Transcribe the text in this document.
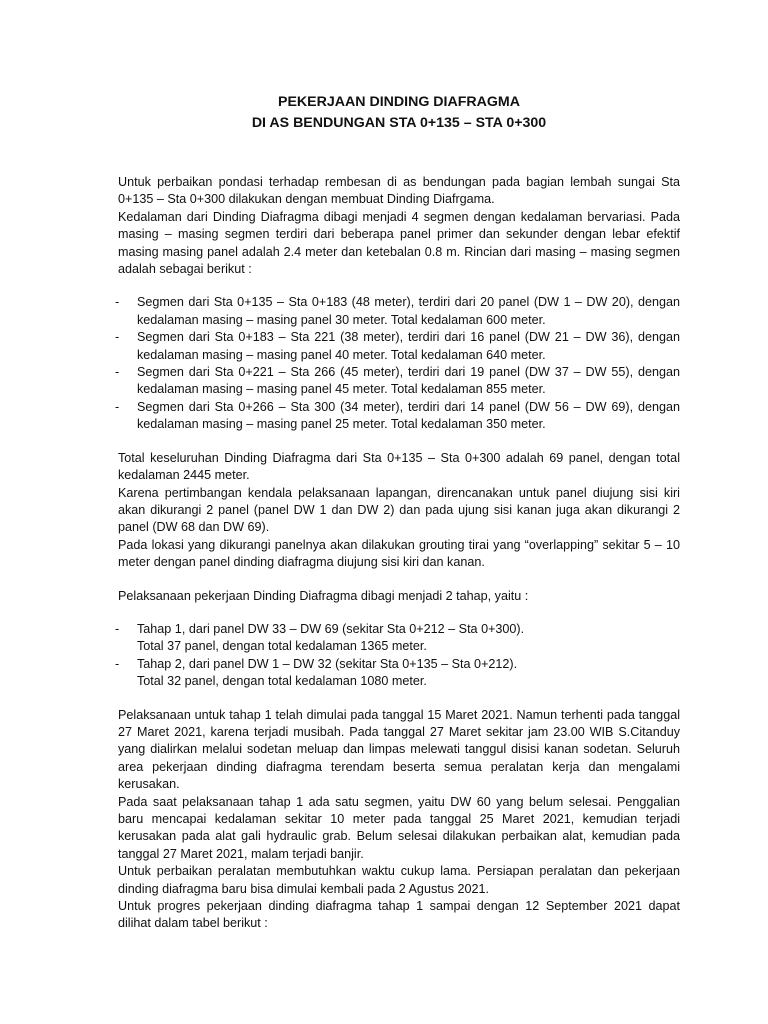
PEKERJAAN DINDING DIAFRAGMA

DI AS BENDUNGAN STA 0+135 – STA 0+300

Untuk perbaikan pondasi terhadap rembesan di as bendungan pada bagian lembah sungai Sta 0+135 – Sta 0+300 dilakukan dengan membuat Dinding Diafrgama.

Kedalaman dari Dinding Diafragma dibagi menjadi 4 segmen dengan kedalaman bervariasi. Pada masing – masing segmen terdiri dari beberapa panel primer dan sekunder dengan lebar efektif masing masing panel adalah 2.4 meter dan ketebalan 0.8 m. Rincian dari masing – masing segmen adalah sebagai berikut :

- Segmen dari Sta 0+135 – Sta 0+183 (48 meter), terdiri dari 20 panel (DW 1 – DW 20), dengan kedalaman masing – masing panel 30 meter. Total kedalaman 600 meter.
- Segmen dari Sta 0+183 – Sta 221 (38 meter), terdiri dari 16 panel (DW 21 – DW 36), dengan kedalaman masing – masing panel 40 meter. Total kedalaman 640 meter.
- Segmen dari Sta 0+221 – Sta 266 (45 meter), terdiri dari 19 panel (DW 37 – DW 55), dengan kedalaman masing – masing panel 45 meter. Total kedalaman 855 meter.
- Segmen dari Sta 0+266 – Sta 300 (34 meter), terdiri dari 14 panel (DW 56 – DW 69), dengan kedalaman masing – masing panel 25 meter. Total kedalaman 350 meter.

Total keseluruhan Dinding Diafragma dari Sta 0+135 – Sta 0+300 adalah 69 panel, dengan total kedalaman 2445 meter.

Karena pertimbangan kendala pelaksanaan lapangan, direncanakan untuk panel diujung sisi kiri akan dikurangi 2 panel (panel DW 1 dan DW 2) dan pada ujung sisi kanan juga akan dikurangi 2 panel (DW 68 dan DW 69).

Pada lokasi yang dikurangi panelnya akan dilakukan grouting tirai yang “overlapping” sekitar 5 – 10 meter dengan panel dinding diafragma diujung sisi kiri dan kanan.

Pelaksanaan pekerjaan Dinding Diafragma dibagi menjadi 2 tahap, yaitu :

- Tahap 1, dari panel DW 33 – DW 69 (sekitar Sta 0+212 – Sta 0+300).
Total 37 panel, dengan total kedalaman 1365 meter.
- Tahap 2, dari panel DW 1 – DW 32 (sekitar Sta 0+135 – Sta 0+212).
Total 32 panel, dengan total kedalaman 1080 meter.

Pelaksanaan untuk tahap 1 telah dimulai pada tanggal 15 Maret 2021. Namun terhenti pada tanggal 27 Maret 2021, karena terjadi musibah. Pada tanggal 27 Maret sekitar jam 23.00 WIB S.Citanduy yang dialirkan melalui sodetan meluap dan limpas melewati tanggul disisi kanan sodetan. Seluruh area pekerjaan dinding diafragma terendam beserta semua peralatan kerja dan mengalami kerusakan.

Pada saat pelaksanaan tahap 1 ada satu segmen, yaitu DW 60 yang belum selesai. Penggalian baru mencapai kedalaman sekitar 10 meter pada tanggal 25 Maret 2021, kemudian terjadi kerusakan pada alat gali hydraulic grab. Belum selesai dilakukan perbaikan alat, kemudian pada tanggal 27 Maret 2021, malam terjadi banjir.

Untuk perbaikan peralatan membutuhkan waktu cukup lama. Persiapan peralatan dan pekerjaan dinding diafragma baru bisa dimulai kembali pada 2 Agustus 2021.

Untuk progres pekerjaan dinding diafragma tahap 1 sampai dengan 12 September 2021 dapat dilihat dalam tabel berikut :
